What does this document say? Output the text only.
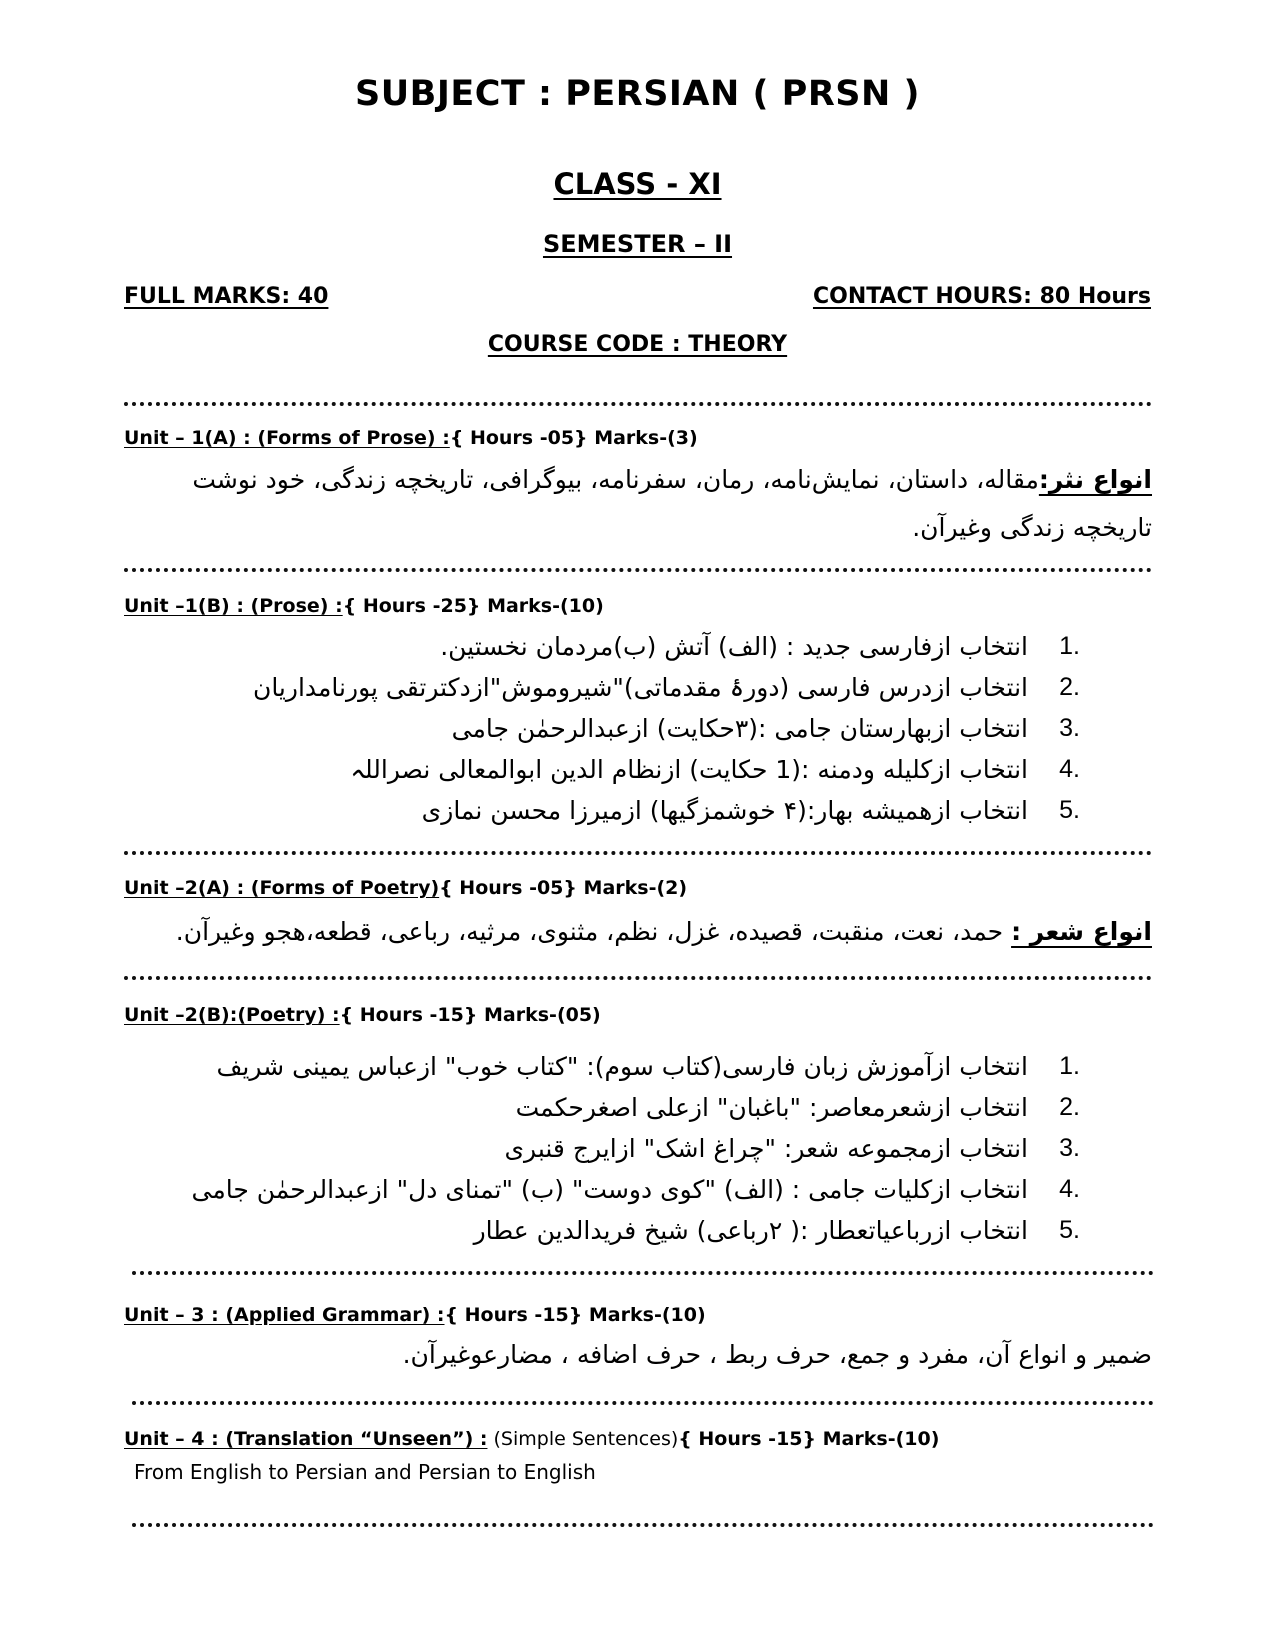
SUBJECT : PERSIAN ( PRSN )
CLASS - XI
SEMESTER – II
FULL MARKS: 40	CONTACT HOURS: 80 Hours
COURSE CODE : THEORY
Unit – 1(A) : (Forms of Prose) :{ Hours -05} Marks-(3)
انواع نثر:مقاله، داستان، نمایش‌نامه، رمان، سفرنامه، بیوگرافی، تاریخچه زندگی، خود نوشت تاریخچه زندگی وغیرآن.
Unit –1(B) : (Prose) :{ Hours -25} Marks-(10)
1.
انتخاب ازفارسی جدید : (الف) آتش (ب)مردمان نخستین.
2.
انتخاب ازدرس فارسی (دورۂ مقدماتی)"شیروموش"ازدکترتقی پورنامداریان
3.
انتخاب ازبهارستان جامی :(۳حکایت) ازعبدالرحمٰن جامی
4.
انتخاب ازکلیله ودمنه :(1 حکایت) ازنظام الدین ابوالمعالی نصراللہ
5.
انتخاب ازهمیشه بهار:(۴ خوشمزگیها) ازمیرزا محسن نمازی
Unit –2(A) : (Forms of Poetry){ Hours -05} Marks-(2)
انواع شعر : حمد، نعت، منقبت، قصیده، غزل، نظم، مثنوی، مرثیه، رباعی، قطعه،هجو وغیرآن.
Unit –2(B):(Poetry) :{ Hours -15} Marks-(05)
1.
انتخاب ازآموزش زبان فارسی(کتاب سوم): "کتاب خوب" ازعباس یمینی شریف
2.
انتخاب ازشعرمعاصر: "باغبان" ازعلی اصغرحکمت
3.
انتخاب ازمجموعه شعر: "چراغ اشک" ازایرج قنبری
4.
انتخاب ازکلیات جامی : (الف) "کوی دوست" (ب) "تمنای دل" ازعبدالرحمٰن جامی
5.
انتخاب ازرباعیاتعطار :( ۲رباعی) شیخ فریدالدین عطار
Unit – 3 : (Applied Grammar) :{ Hours -15} Marks-(10)
ضمیر و انواع آن، مفرد و جمع، حرف ربط ، حرف اضافه ، مضارعوغیرآن.
Unit – 4 : (Translation “Unseen”) : (Simple Sentences){ Hours -15} Marks-(10)
From English to Persian and Persian to English
